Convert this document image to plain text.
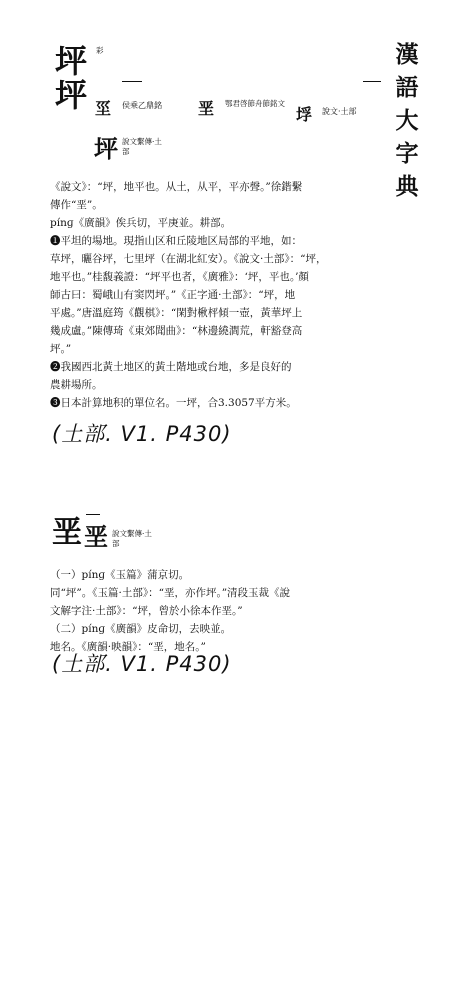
漢
語
大
字
典
坪坪
彩
坙 侯乘乙鼎銘 垩 鄂君啓節舟節銘文
垺 說文·土部
坪 說文繫傳·土部

《說文》：“坪，地平也。从土，从平，平亦聲。”徐鍇繫

傳作“垩”。

pínɡ《廣韻》俟兵切，平庚並。耕部。

❶平坦的場地。現指山区和丘陵地区局部的平地，如：

草坪，曬谷坪，七里坪（在湖北紅安）。《說文·土部》：“坪，

地平也。”桂馥義證：“坪平也者，《廣雅》：‘坪，平也。’顏

師古曰：蜀峨山有窦閃坪。”《正字通·土部》：“坪，地

平處。”唐溫庭筠《觀棋》：“閑對楸枰傾一壺，黃華坪上

幾成盧。”陳傳琦《東郊聞曲》：“林邊繞澗荒，軒豁登高

坪。”

❷我國西北黃土地区的黃土階地或台地，多是良好的

農耕場所。

❸日本計算地积的單位名。一坪，合3.3057平方米。

(土部. V1. P430)
垩 垩 說文繫傳·土部

（一）pínɡ《玉篇》蒲京切。

同“坪”。《玉篇·土部》：“垩，亦作坪。”清段玉裁《說

文解字注·土部》：“坪，曾於小徐本作垩。”

（二）pínɡ《廣韻》皮命切，去映並。

地名。《廣韻·映韻》：“垩，地名。”

(土部. V1. P430)
